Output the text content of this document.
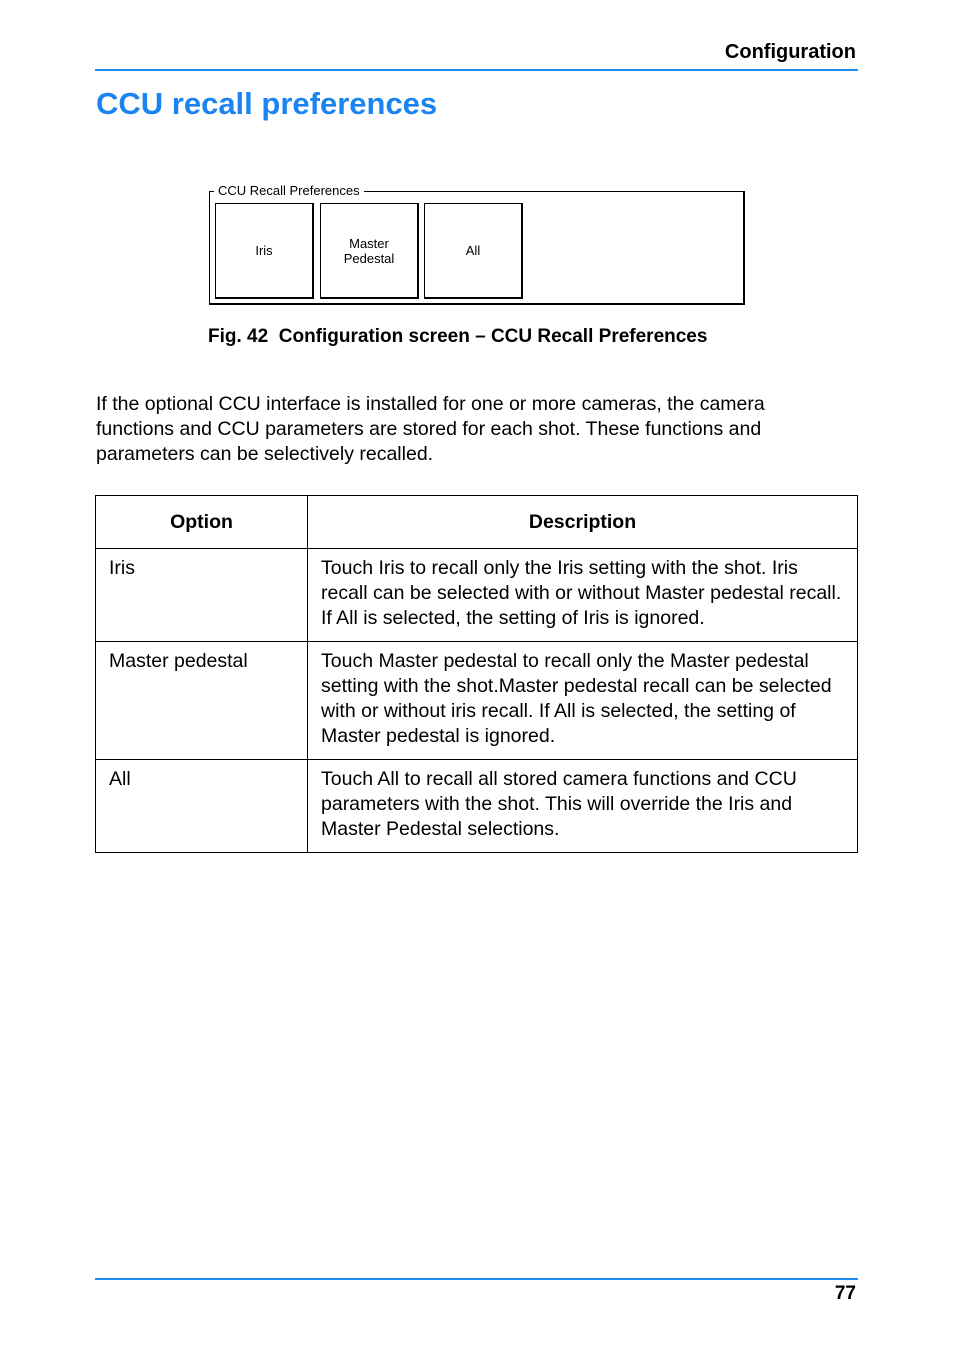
Configuration
CCU recall preferences
CCU Recall Preferences
Iris	Master
Pedestal	All
Fig. 42  Configuration screen – CCU Recall Preferences

If the optional CCU interface is installed for one or more cameras, the camera functions and CCU parameters are stored for each shot. These functions and parameters can be selectively recalled.

Option	Description
Iris	Touch Iris to recall only the Iris setting with the shot. Iris recall can be selected with or without Master pedestal recall. If All is selected, the setting of Iris is ignored.
Master pedestal	Touch Master pedestal to recall only the Master pedestal setting with the shot.Master pedestal recall can be selected with or without iris recall. If All is selected, the setting of Master pedestal is ignored.
All	Touch All to recall all stored camera functions and CCU parameters with the shot. This will override the Iris and Master Pedestal selections.
77
